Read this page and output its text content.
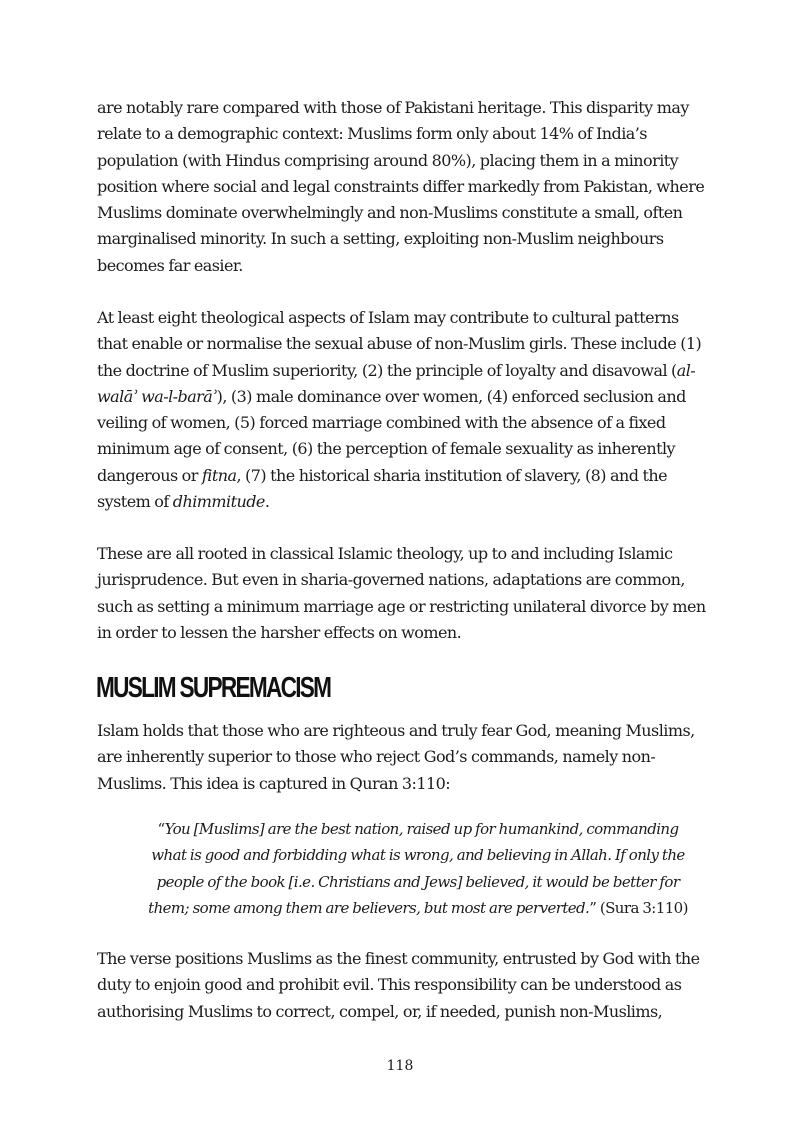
are notably rare compared with those of Pakistani heritage. This disparity may relate to a demographic context: Muslims form only about 14% of India’s population (with Hindus comprising around 80%), placing them in a minority position where social and legal constraints differ markedly from Pakistan, where Muslims dominate overwhelmingly and non-Muslims constitute a small, often marginalised minority. In such a setting, exploiting non-Muslim neighbours becomes far easier.

At least eight theological aspects of Islam may contribute to cultural patterns that enable or normalise the sexual abuse of non-Muslim girls. These include (1) the doctrine of Muslim superiority, (2) the principle of loyalty and disavowal (al-walāʾ wa-l-barāʾ), (3) male dominance over women, (4) enforced seclusion and veiling of women, (5) forced marriage combined with the absence of a fixed minimum age of consent, (6) the perception of female sexuality as inherently dangerous or fitna, (7) the historical sharia institution of slavery, (8) and the system of dhimmitude.

These are all rooted in classical Islamic theology, up to and including Islamic jurisprudence. But even in sharia-governed nations, adaptations are common, such as setting a minimum marriage age or restricting unilateral divorce by men in order to lessen the harsher effects on women.

MUSLIM SUPREMACISM

Islam holds that those who are righteous and truly fear God, meaning Muslims, are inherently superior to those who reject God’s commands, namely non-Muslims. This idea is captured in Quran 3:110:

“You [Muslims] are the best nation, raised up for humankind, commanding what is good and forbidding what is wrong, and believing in Allah. If only the people of the book [i.e. Christians and Jews] believed, it would be better for them; some among them are believers, but most are perverted.” (Sura 3:110)

The verse positions Muslims as the finest community, entrusted by God with the duty to enjoin good and prohibit evil. This responsibility can be understood as authorising Muslims to correct, compel, or, if needed, punish non-Muslims,

118
